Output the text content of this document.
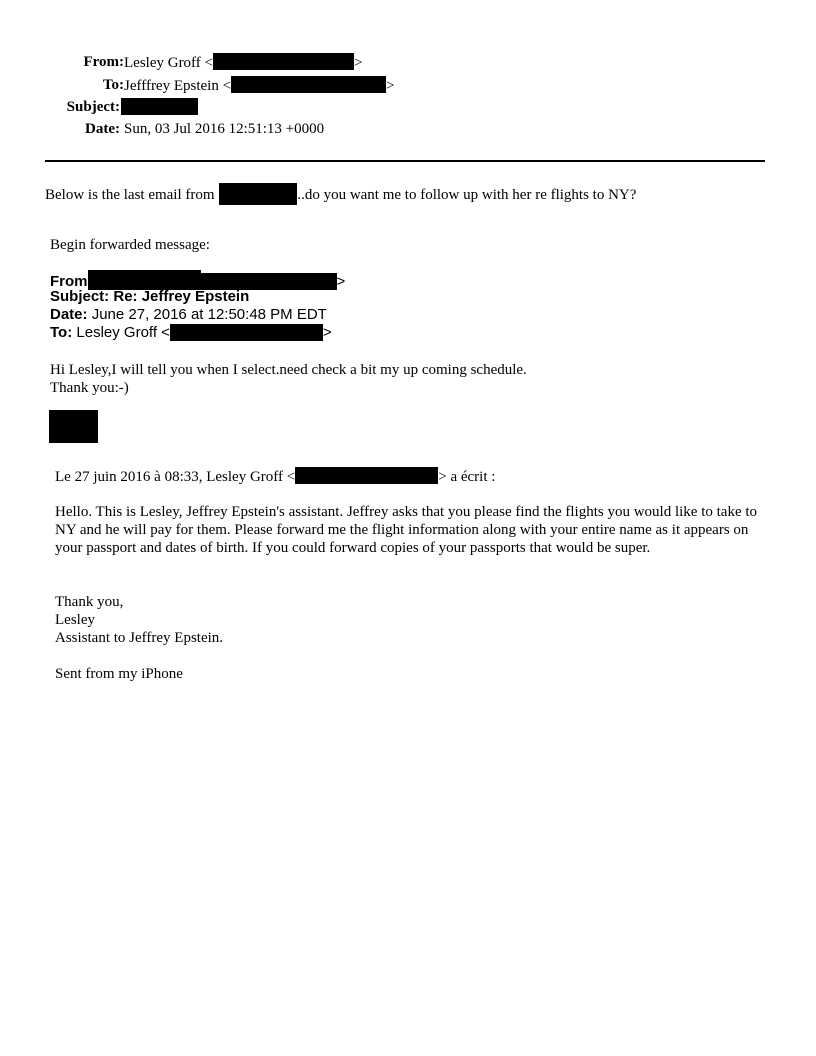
From: Lesley Groff <	>
To: Jefffrey Epstein <	>
Subject:
Date: Sun, 03 Jul 2016 12:51:13 +0000
Below is the last email from	..do you want me to follow up with her re flights to NY?
Begin forwarded message:
From	>
Subject: Re: Jeffrey Epstein
Date: June 27, 2016 at 12:50:48 PM EDT
To: Lesley Groff <	>
Hi Lesley,I will tell you when I select.need check a bit my up coming schedule.
Thank you:-)
Le 27 juin 2016 à 08:33, Lesley Groff <	> a écrit :
Hello. This is Lesley, Jeffrey Epstein's assistant. Jeffrey asks that you please find the flights you would like to take to NY and he will pay for them. Please forward me the flight information along with your entire name as it appears on your passport and dates of birth. If you could forward copies of your passports that would be super.
Thank you,
Lesley
Assistant to Jeffrey Epstein.
Sent from my iPhone
